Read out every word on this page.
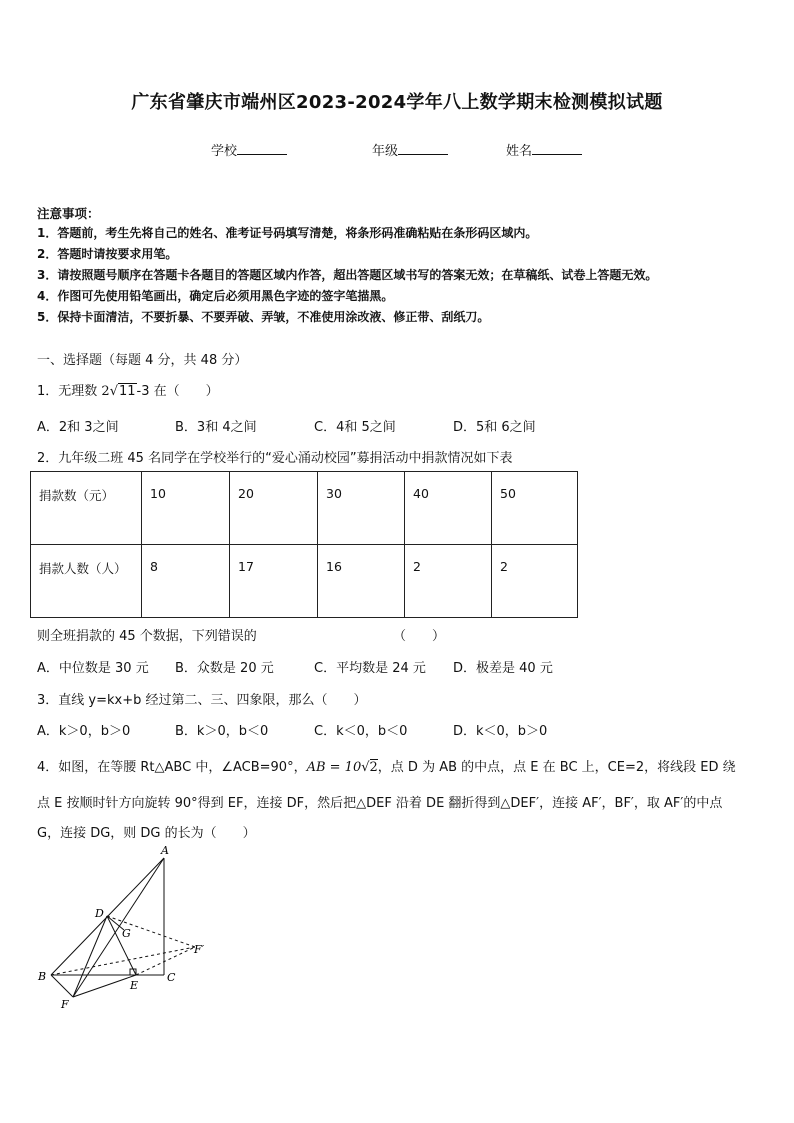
广东省肇庆市端州区2023-2024学年八上数学期末检测模拟试题
学校	年级	姓名
注意事项：
1．答题前，考生先将自己的姓名、准考证号码填写清楚，将条形码准确粘贴在条形码区域内。
2．答题时请按要求用笔。
3．请按照题号顺序在答题卡各题目的答题区域内作答，超出答题区域书写的答案无效；在草稿纸、试卷上答题无效。
4．作图可先使用铅笔画出，确定后必须用黑色字迹的签字笔描黑。
5．保持卡面清洁，不要折暴、不要弄破、弄皱，不准使用涂改液、修正带、刮纸刀。
一、选择题（每题 4 分，共 48 分）
1．无理数 2√11-3 在（　　）
A．2和 3之间	B．3和 4之间	C．4和 5之间	D．5和 6之间
2．九年级二班 45 名同学在学校举行的“爱心涌动校园”募捐活动中捐款情况如下表
捐款数（元）	10	20	30	40	50
捐款人数（人）	8	17	16	2	2
则全班捐款的 45 个数据，下列错误的	（　　）
A．中位数是 30 元 B．众数是 20 元	C．平均数是 24 元 D．极差是 40 元
3．直线 y=kx+b 经过第二、三、四象限，那么（　　）
A．k＞0，b＞0	B．k＞0，b＜0	C．k＜0，b＜0	D．k＜0，b＞0
4．如图，在等腰 Rt△ABC 中，∠ACB=90°，AB = 10√2，点 D 为 AB 的中点，点 E 在 BC 上，CE=2，将线段 ED 绕
点 E 按顺时针方向旋转 90°得到 EF，连接 DF，然后把△DEF 沿着 DE 翻折得到△DEF′，连接 AF′，BF′，取 AF′的中点
G，连接 DG，则 DG 的长为（　　）
A
B	C
D
E
F
F′
G
